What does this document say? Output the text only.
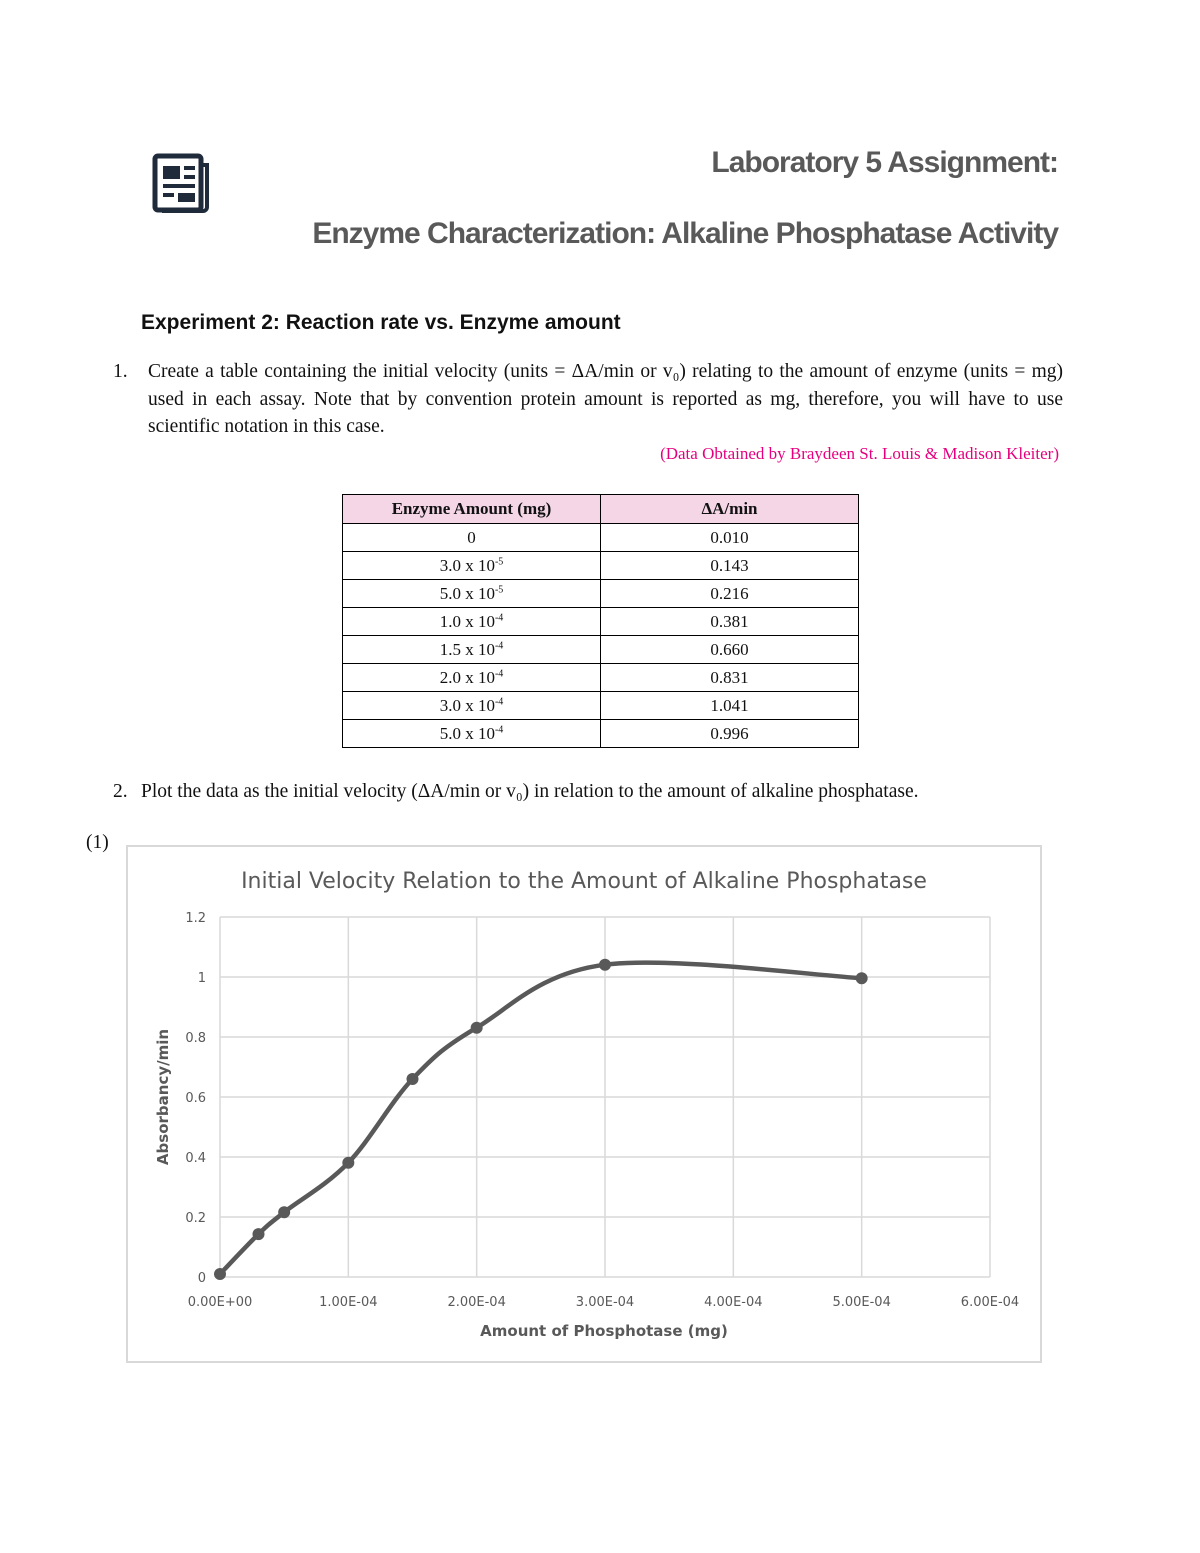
Laboratory 5 Assignment:
Enzyme Characterization: Alkaline Phosphatase Activity
Experiment 2: Reaction rate vs. Enzyme amount
1. Create a table containing the initial velocity (units = ΔA/min or v₀) relating to the amount of enzyme (units = mg) used in each assay. Note that by convention protein amount is reported as mg, therefore, you will have to use scientific notation in this case.
(Data Obtained by Braydeen St. Louis & Madison Kleiter)
Enzyme Amount (mg)	ΔA/min
0	0.010
3.0 x $10^{-5}$	0.143
5.0 x $10^{-5}$	0.216
1.0 x $10^{-4}$	0.381
1.5 x $10^{-4}$	0.660
2.0 x $10^{-4}$	0.831
3.0 x $10^{-4}$	1.041
5.0 x $10^{-4}$	0.996
2. Plot the data as the initial velocity (ΔA/min or v₀) in relation to the amount of alkaline phosphatase.
(1)
0
0.2
0.4
0.6
0.8
1
1.2
0.00E+00	1.00E-04	2.00E-04	3.00E-04	4.00E-04	5.00E-04	6.00E-04
Initial Velocity Relation to the Amount of Alkaline Phosphatase
Amount of Phosphotase (mg)
Absorbancy/min
